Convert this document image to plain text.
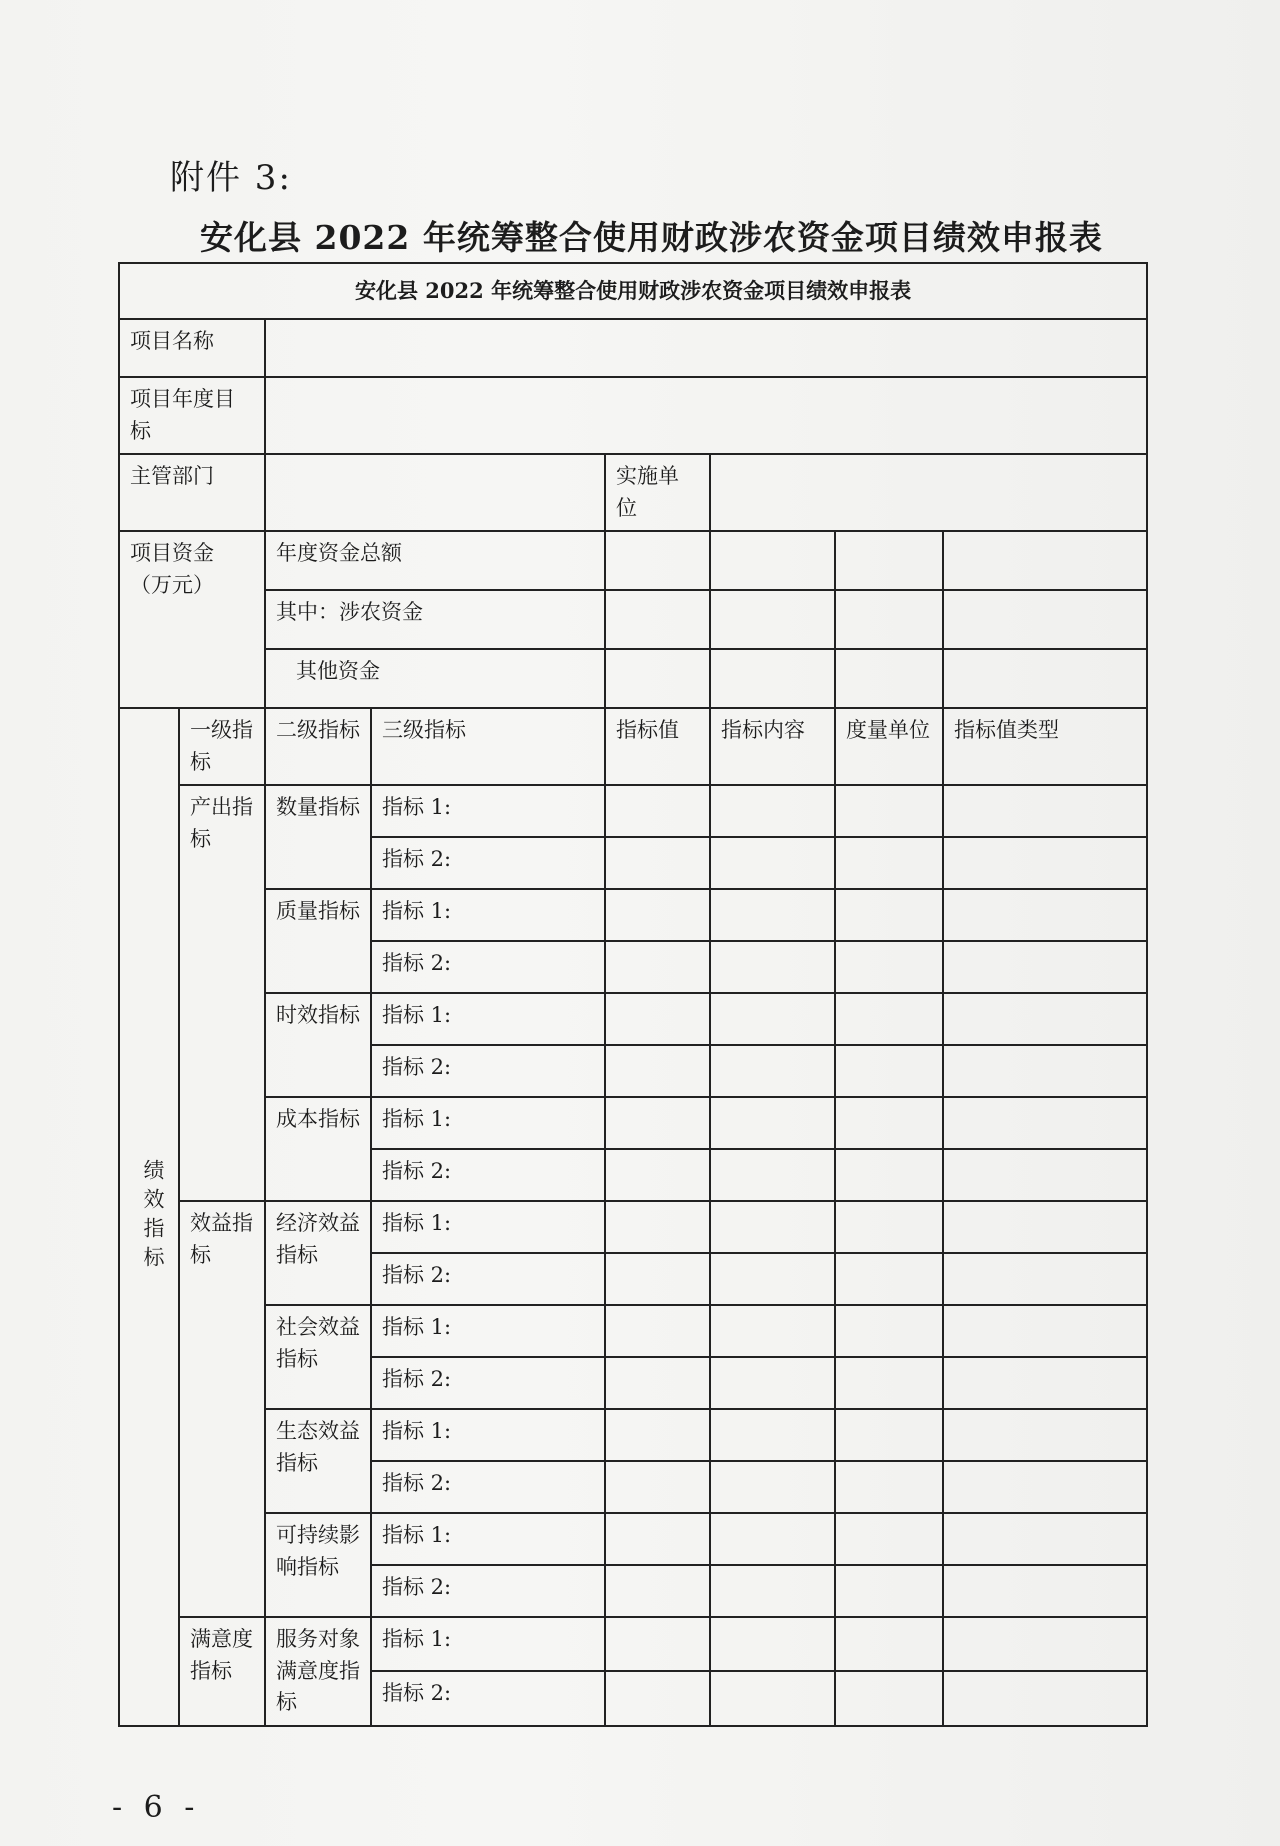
附件 3:
安化县 2022 年统筹整合使用财政涉农资金项目绩效申报表
安化县 2022 年统筹整合使用财政涉农资金项目绩效申报表							
项目名称							
项目年度目标							
主管部门				实施单位			
项目资金（万元）		年度资金总额					
		其中：涉农资金					
		其他资金					
绩效指标	一级指标	二级指标	三级指标	指标值	指标内容	度量单位	指标值类型
	产出指标	数量指标	指标 1:				
			指标 2:				
		质量指标	指标 1:				
			指标 2:				
		时效指标	指标 1:				
			指标 2:				
		成本指标	指标 1:				
			指标 2:				
	效益指标	经济效益指标	指标 1:				
			指标 2:				
		社会效益指标	指标 1:				
			指标 2:				
		生态效益指标	指标 1:				
			指标 2:				
		可持续影响指标	指标 1:				
			指标 2:				
	满意度指标	服务对象满意度指标	指标 1:				
			指标 2:				
- 6 -
